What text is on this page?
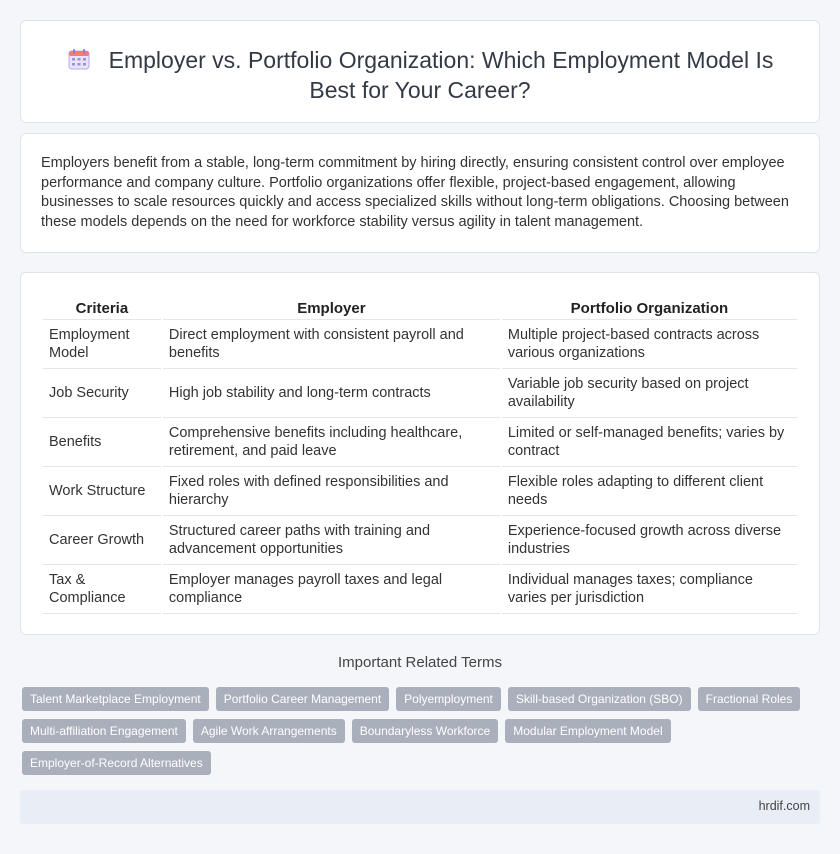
Employer vs. Portfolio Organization: Which Employment Model Is Best for Your Career?

Employers benefit from a stable, long-term commitment by hiring directly, ensuring consistent control over employee performance and company culture. Portfolio organizations offer flexible, project-based engagement, allowing businesses to scale resources quickly and access specialized skills without long-term obligations. Choosing between these models depends on the need for workforce stability versus agility in talent management.

Criteria	Employer	Portfolio Organization
Employment Model	Direct employment with consistent payroll and benefits	Multiple project-based contracts across various organizations
Job Security	High job stability and long-term contracts	Variable job security based on project availability
Benefits	Comprehensive benefits including healthcare, retirement, and paid leave	Limited or self-managed benefits; varies by contract
Work Structure	Fixed roles with defined responsibilities and hierarchy	Flexible roles adapting to different client needs
Career Growth	Structured career paths with training and advancement opportunities	Experience-focused growth across diverse industries
Tax & Compliance	Employer manages payroll taxes and legal compliance	Individual manages taxes; compliance varies per jurisdiction
Important Related Terms
Talent Marketplace Employment	Portfolio Career Management	Polyemployment	Skill-based Organization (SBO)	Fractional Roles
Multi-affiliation Engagement	Agile Work Arrangements	Boundaryless Workforce	Modular Employment Model
Employer-of-Record Alternatives
hrdif.com
